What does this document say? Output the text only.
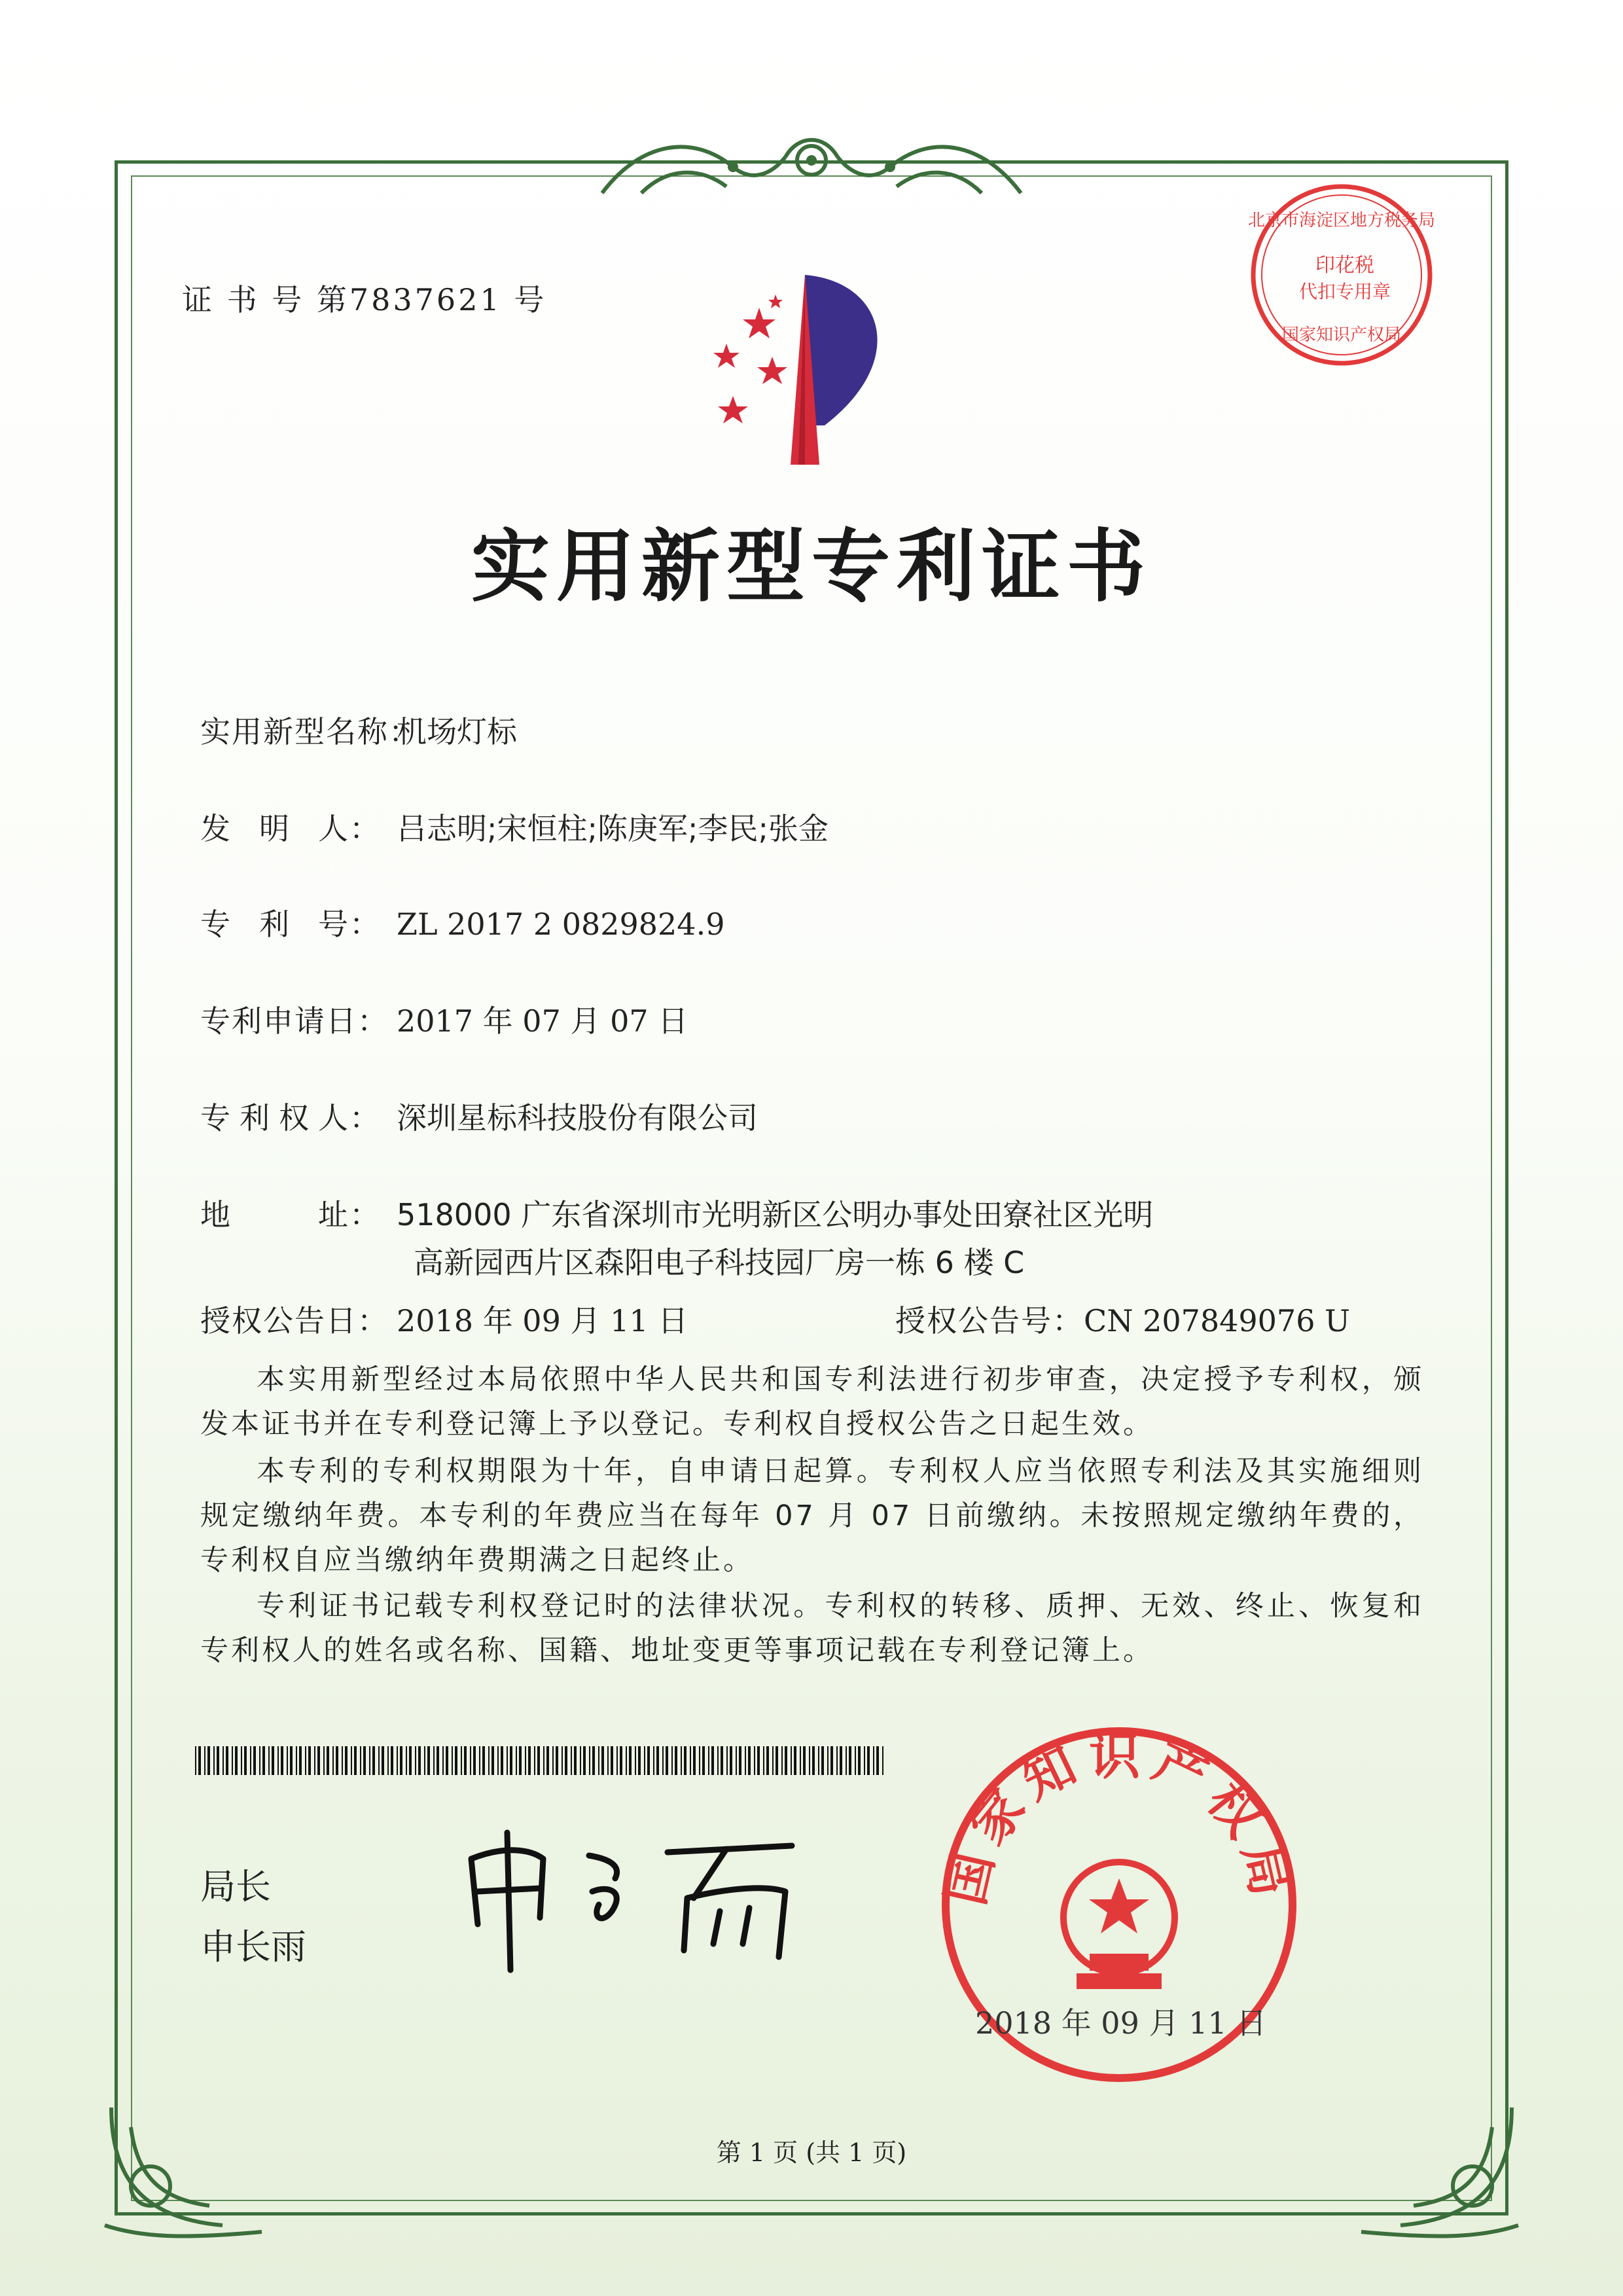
证 书 号 第7837621 号
北京市海淀区地方税务局
印花税
代扣专用章
国家知识产权局
实用新型专利证书
实用新型名称：机场灯标
发 明 人： 吕志明;宋恒柱;陈庚军;李民;张金
专 利 号： ZL 2017 2 0829824.9
专利申请日： 2017 年 07 月 07 日
专 利 权 人： 深圳星标科技股份有限公司
地	址： 518000 广东省深圳市光明新区公明办事处田寮社区光明
高新园西片区森阳电子科技园厂房一栋 6 楼 C
授权公告日： 2018 年 09 月 11 日	授权公告号：CN 207849076 U
本实用新型经过本局依照中华人民共和国专利法进行初步审查，决定授予专利权，颁发本证书并在专利登记簿上予以登记。专利权自授权公告之日起生效。
本专利的专利权期限为十年，自申请日起算。专利权人应当依照专利法及其实施细则规定缴纳年费。本专利的年费应当在每年 07 月 07 日前缴纳。未按照规定缴纳年费的，专利权自应当缴纳年费期满之日起终止。
专利证书记载专利权登记时的法律状况。专利权的转移、质押、无效、终止、恢复和专利权人的姓名或名称、国籍、地址变更等事项记载在专利登记簿上。
局长
申长雨
国家知识产权局
2018 年 09 月 11 日
第 1 页 (共 1 页)
